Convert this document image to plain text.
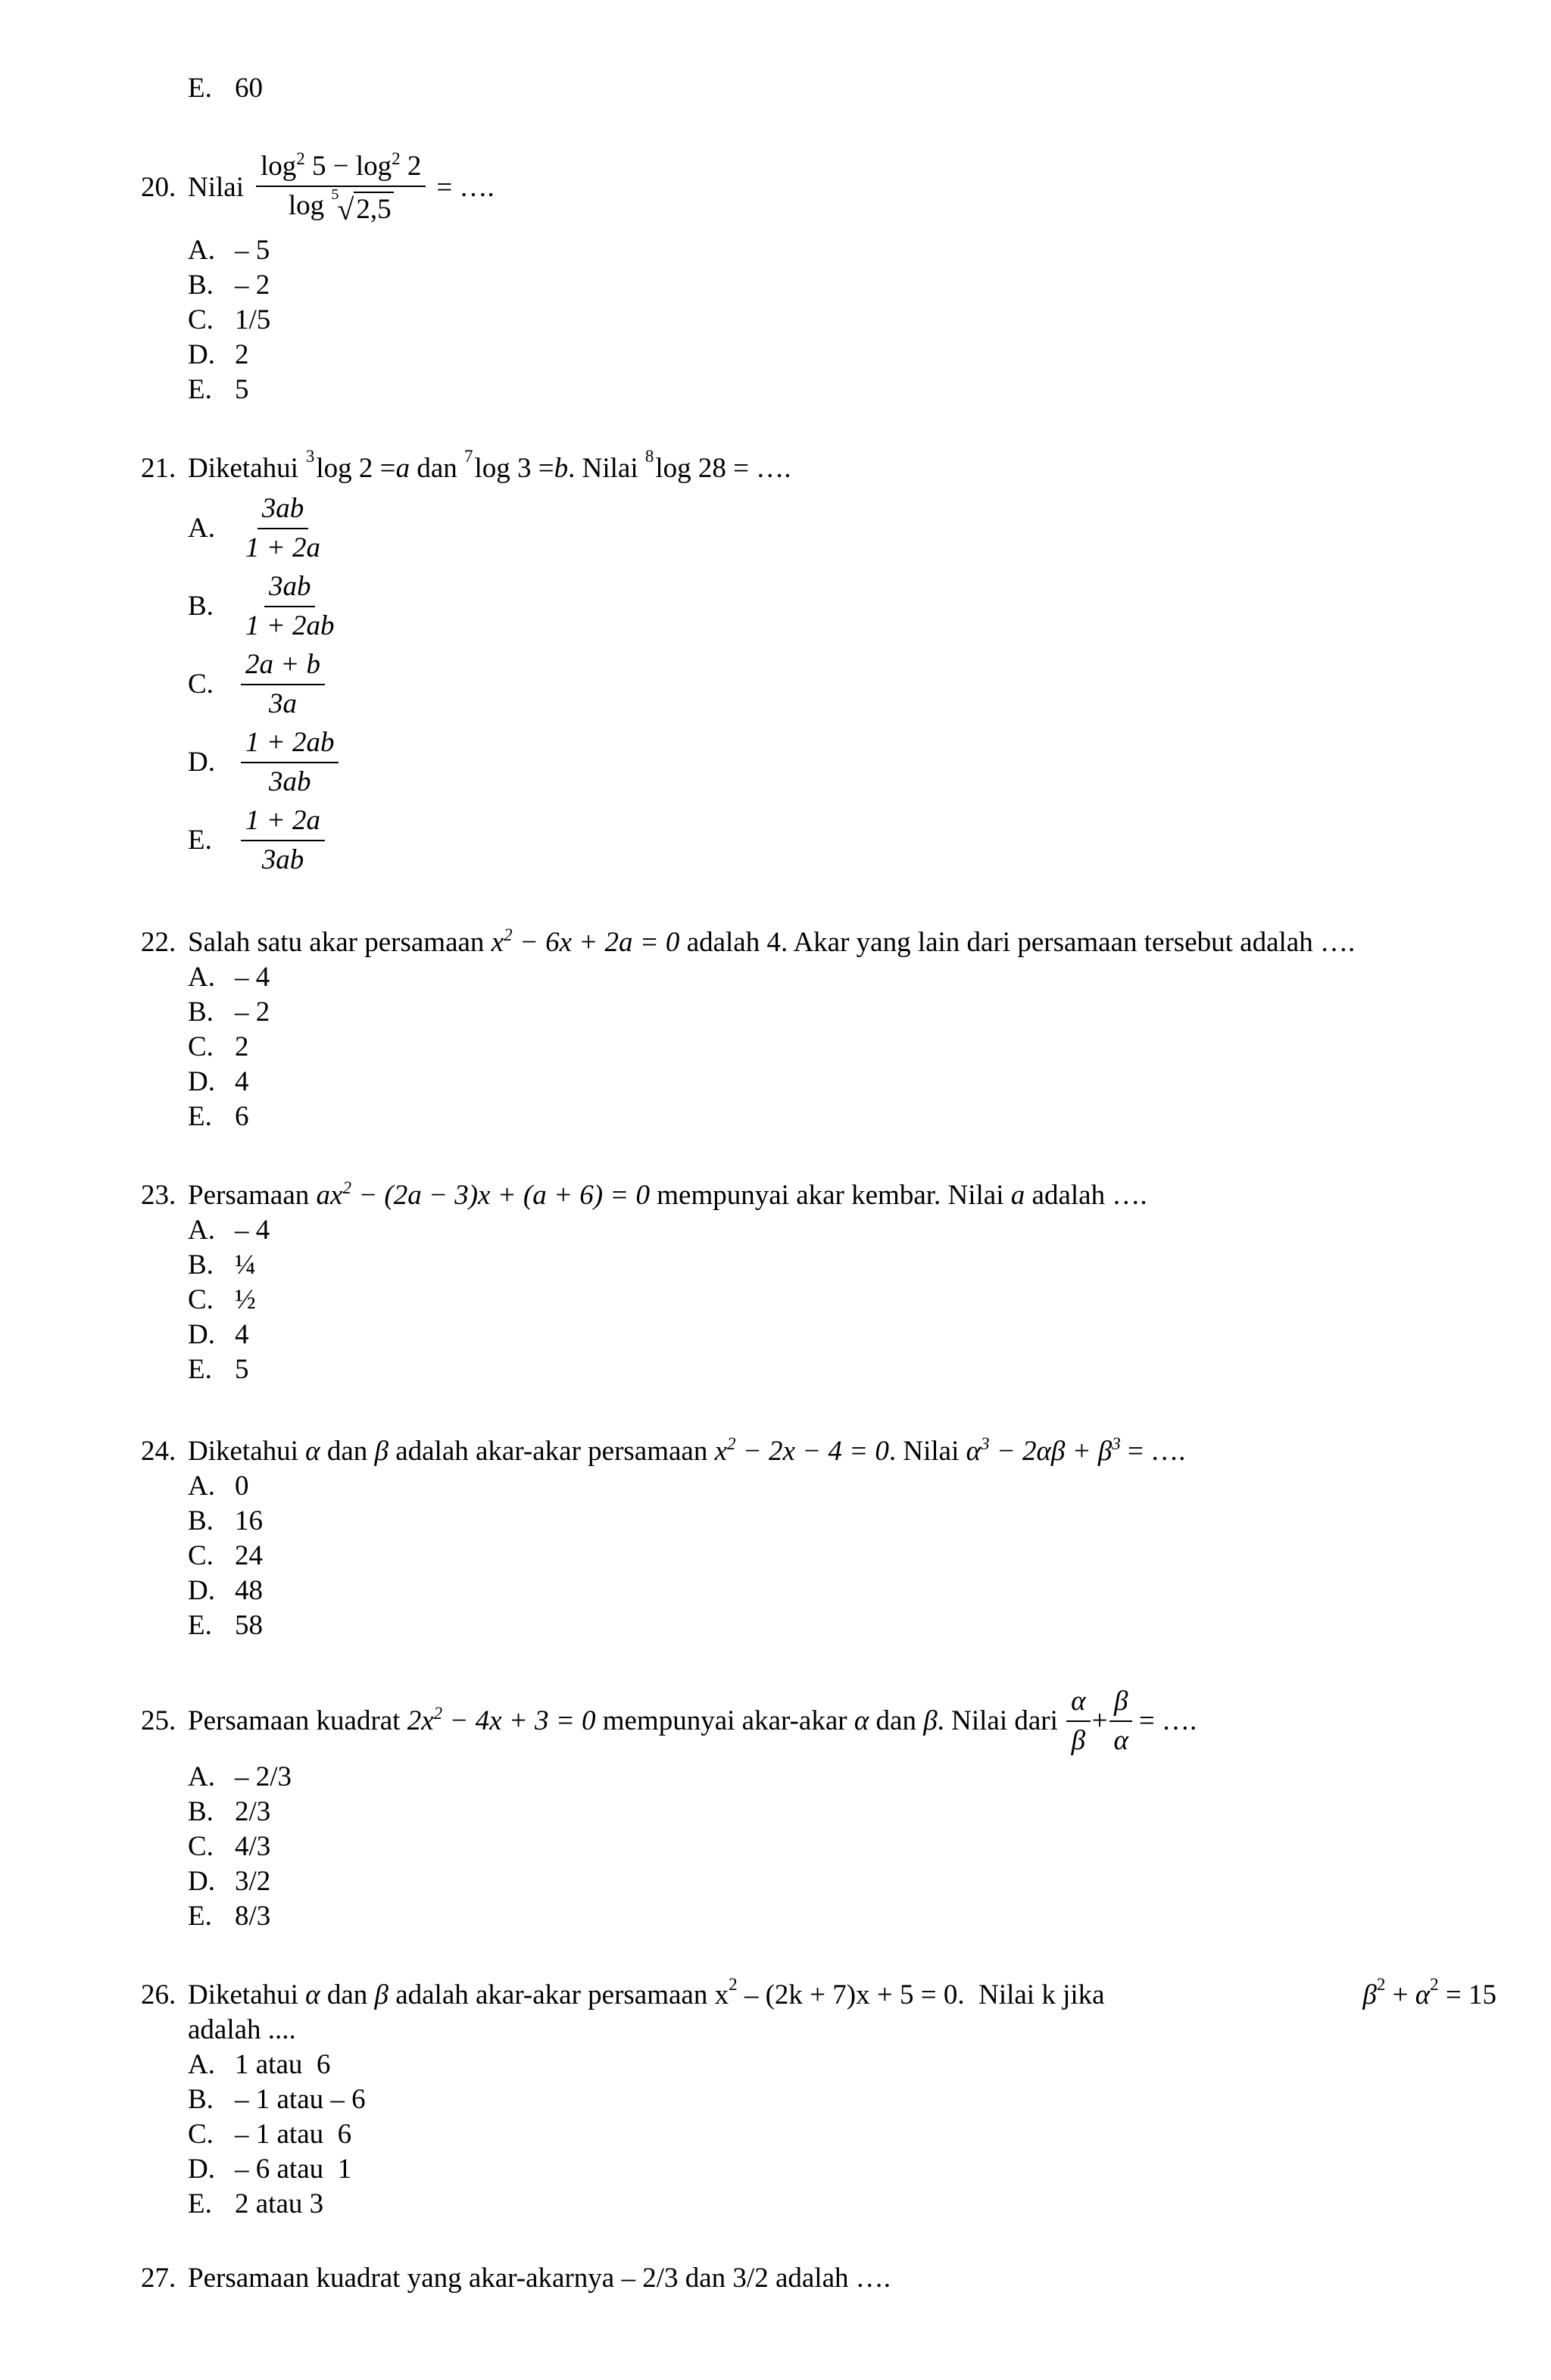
E. 60
20. Nilai $\log^2 5 - \log^2 2$
log 5
√ 2,5 = ….
A. – 5
B. – 2
C. 1/5
D. 2
E. 5
21. Diketahui 3 log 2 = a dan 7 log 3 = b . Nilai 8 log 28 = ….
A. $\frac{3ab}{1 + 2a}$
B. $\frac{3ab}{1 + 2ab}$
C. $\frac{2a + b}{3a}$
D. $\frac{1 + 2ab}{3ab}$
E.	$\frac{1 + 2a}{3ab}$
22. Salah satu akar persamaan $x^2 - 6x + 2a = 0$ adalah 4. Akar yang lain dari persamaan tersebut adalah ….
A. – 4
B. – 2
C. 2
D. 4
E. 6
23. Persamaan $ax^2 - (2a - 3)x + (a + 6) = 0$ mempunyai akar kembar. Nilai a adalah ….
A. – 4
B. ¼
C. ½
D. 4
E. 5
24. Diketahui α dan β adalah akar-akar persamaan $x^2 - 2x - 4 = 0$ . Nilai $\alpha^3 - 2\alpha\beta + \beta^3$ = ….
A. 0
B. 16
C. 24
D. 48
E. 58
25. Persamaan kuadrat $2x^2 - 4x + 3 = 0$ mempunyai akar-akar α dan β . Nilai dari $\frac{\alpha}{\beta} + \frac{\beta}{\alpha}$ = ….
A. – 2/3
B. 2/3
C. 4/3
D. 3/2
E. 8/3
26. Diketahui α dan β adalah akar-akar persamaan $x^2 - (2k + 7)x + 5 = 0$.  Nilai k jika	$\beta^2 + \alpha^2 = 15$
adalah ....
A. 1 atau  6
B. – 1 atau – 6
C. – 1 atau  6
D. – 6 atau  1
E. 2 atau 3
27. Persamaan kuadrat yang akar-akarnya – 2/3 dan 3/2 adalah ….
